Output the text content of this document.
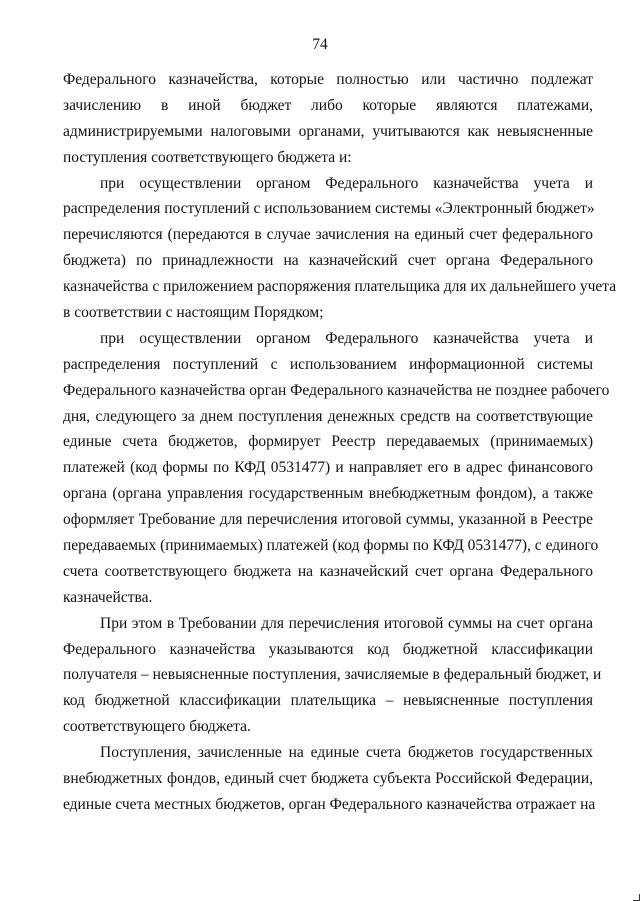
74
Федерального казначейства, которые полностью или частично подлежат
зачислению в иной бюджет либо которые являются платежами,
администрируемыми налоговыми органами, учитываются как невыясненные
поступления соответствующего бюджета и:
при осуществлении органом Федерального казначейства учета и
распределения поступлений с использованием системы «Электронный бюджет»
перечисляются (передаются в случае зачисления на единый счет федерального
бюджета) по принадлежности на казначейский счет органа Федерального
казначейства с приложением распоряжения плательщика для их дальнейшего учета
в соответствии с настоящим Порядком;
при осуществлении органом Федерального казначейства учета и
распределения поступлений с использованием информационной системы
Федерального казначейства орган Федерального казначейства не позднее рабочего
дня, следующего за днем поступления денежных средств на соответствующие
единые счета бюджетов, формирует Реестр передаваемых (принимаемых)
платежей (код формы по КФД 0531477) и направляет его в адрес финансового
органа (органа управления государственным внебюджетным фондом), а также
оформляет Требование для перечисления итоговой суммы, указанной в Реестре
передаваемых (принимаемых) платежей (код формы по КФД 0531477), с единого
счета соответствующего бюджета на казначейский счет органа Федерального
казначейства.
При этом в Требовании для перечисления итоговой суммы на счет органа
Федерального казначейства указываются код бюджетной классификации
получателя – невыясненные поступления, зачисляемые в федеральный бюджет, и
код бюджетной классификации плательщика – невыясненные поступления
соответствующего бюджета.
Поступления, зачисленные на единые счета бюджетов государственных
внебюджетных фондов, единый счет бюджета субъекта Российской Федерации,
единые счета местных бюджетов, орган Федерального казначейства отражает на
